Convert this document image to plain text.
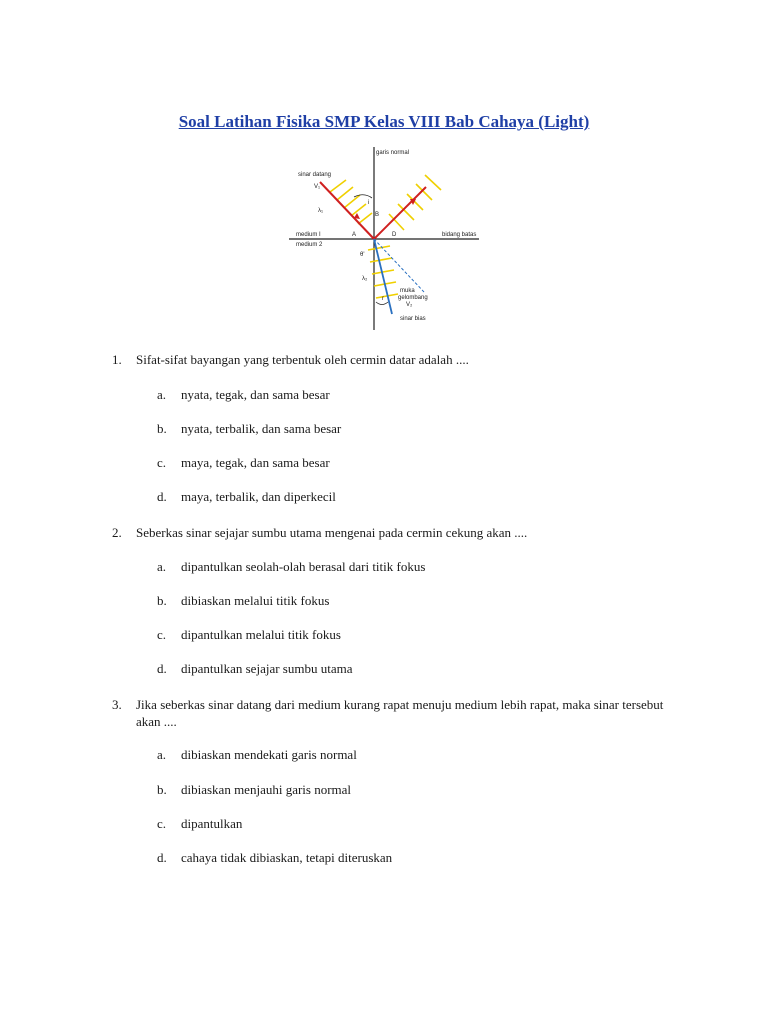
Soal Latihan Fisika SMP Kelas VIII Bab Cahaya (Light)
garis normal
sinar datang
V₁
λ₁
i
B
A	D	bidang batas
medium I
medium 2
θ'
λ₂
muka
gelombang
V₂
r
sinar bias
1. Sifat-sifat bayangan yang terbentuk oleh cermin datar adalah ....
a. nyata, tegak, dan sama besar
b. nyata, terbalik, dan sama besar
c. maya, tegak, dan sama besar
d. maya, terbalik, dan diperkecil
2. Seberkas sinar sejajar sumbu utama mengenai pada cermin cekung akan ....
a. dipantulkan seolah-olah berasal dari titik fokus
b. dibiaskan melalui titik fokus
c. dipantulkan melalui titik fokus
d. dipantulkan sejajar sumbu utama
3. Jika seberkas sinar datang dari medium kurang rapat menuju medium lebih rapat, maka sinar tersebut akan ....
a. dibiaskan mendekati garis normal
b. dibiaskan menjauhi garis normal
c. dipantulkan
d. cahaya tidak dibiaskan, tetapi diteruskan
